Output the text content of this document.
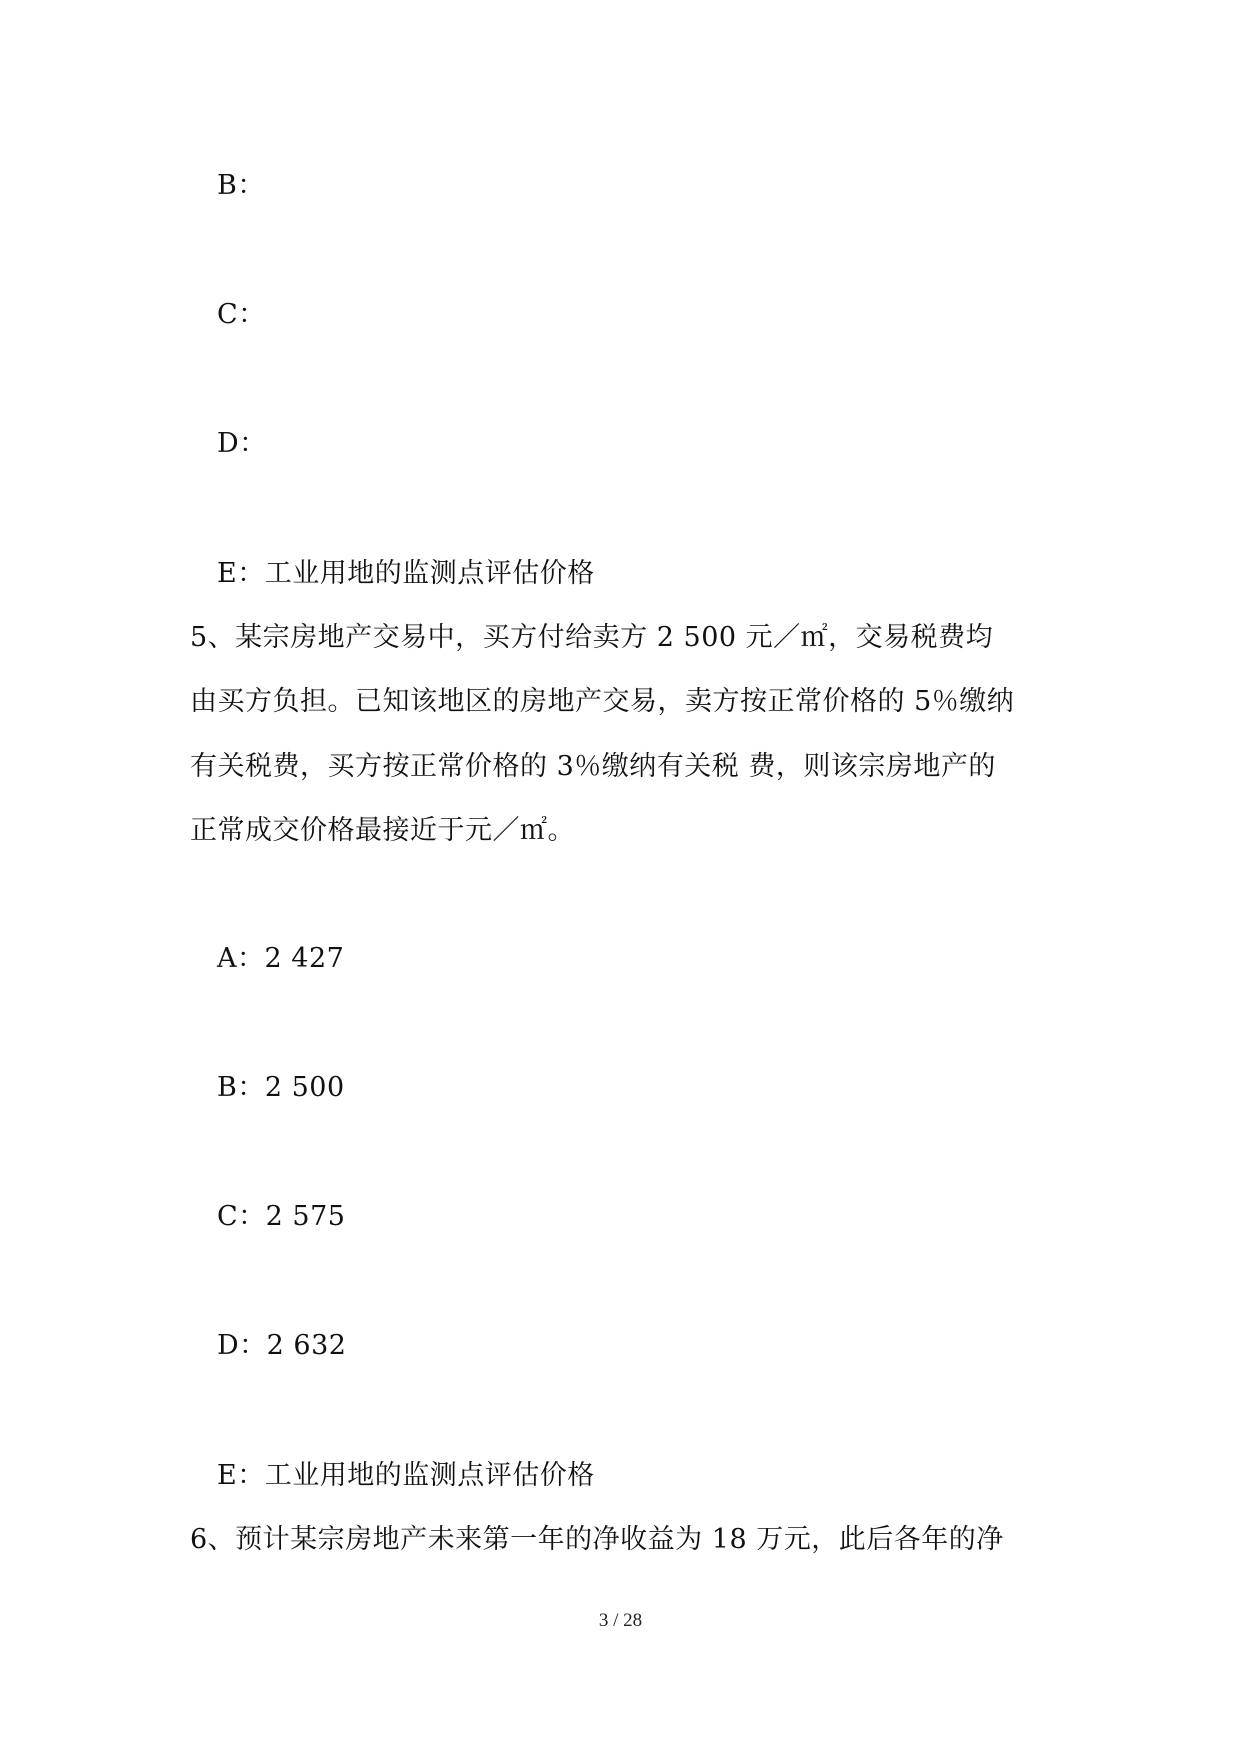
B：
C：
D：
E：工业用地的监测点评估价格
5、某宗房地产交易中，买方付给卖方 2 500 元／㎡，交易税费均
由买方负担。已知该地区的房地产交易，卖方按正常价格的 5％缴纳
有关税费，买方按正常价格的 3％缴纳有关税 费，则该宗房地产的
正常成交价格最接近于元／㎡。
A：2 427
B：2 500
C：2 575
D：2 632
E：工业用地的监测点评估价格
6、预计某宗房地产未来第一年的净收益为 18 万元，此后各年的净
3 / 28
